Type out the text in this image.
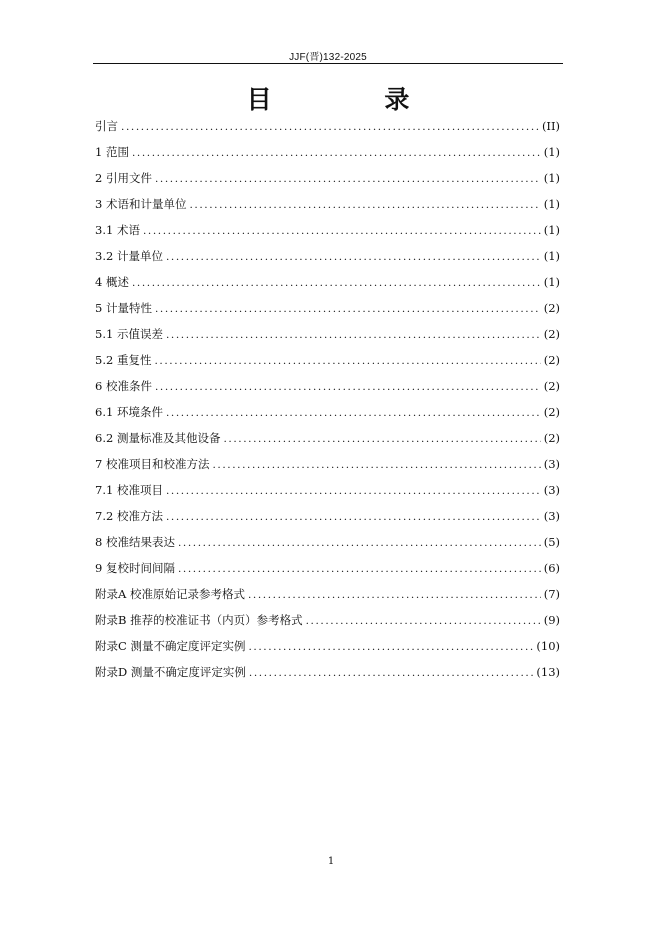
JJF(晋)132-2025
目 录
引言 .....	(II)
1 范围 .....	(1)
2 引用文件 .....	(1)
3 术语和计量单位 .....	(1)
3.1 术语 .....	(1)
3.2 计量单位 .....	(1)
4 概述 .....	(1)
5 计量特性 .....	(2)
5.1 示值误差 .....	(2)
5.2 重复性 .....	(2)
6 校准条件 .....	(2)
6.1 环境条件 .....	(2)
6.2 测量标准及其他设备 .....	(2)
7 校准项目和校准方法 .....	(3)
7.1 校准项目 .....	(3)
7.2 校准方法 .....	(3)
8 校准结果表达 .....	(5)
9 复校时间间隔 .....	(6)
附录A 校准原始记录参考格式 .....	(7)
附录B 推荐的校准证书（内页）参考格式 .....	(9)
附录C 测量不确定度评定实例 .....	(10)
附录D 测量不确定度评定实例 .....	(13)
1
